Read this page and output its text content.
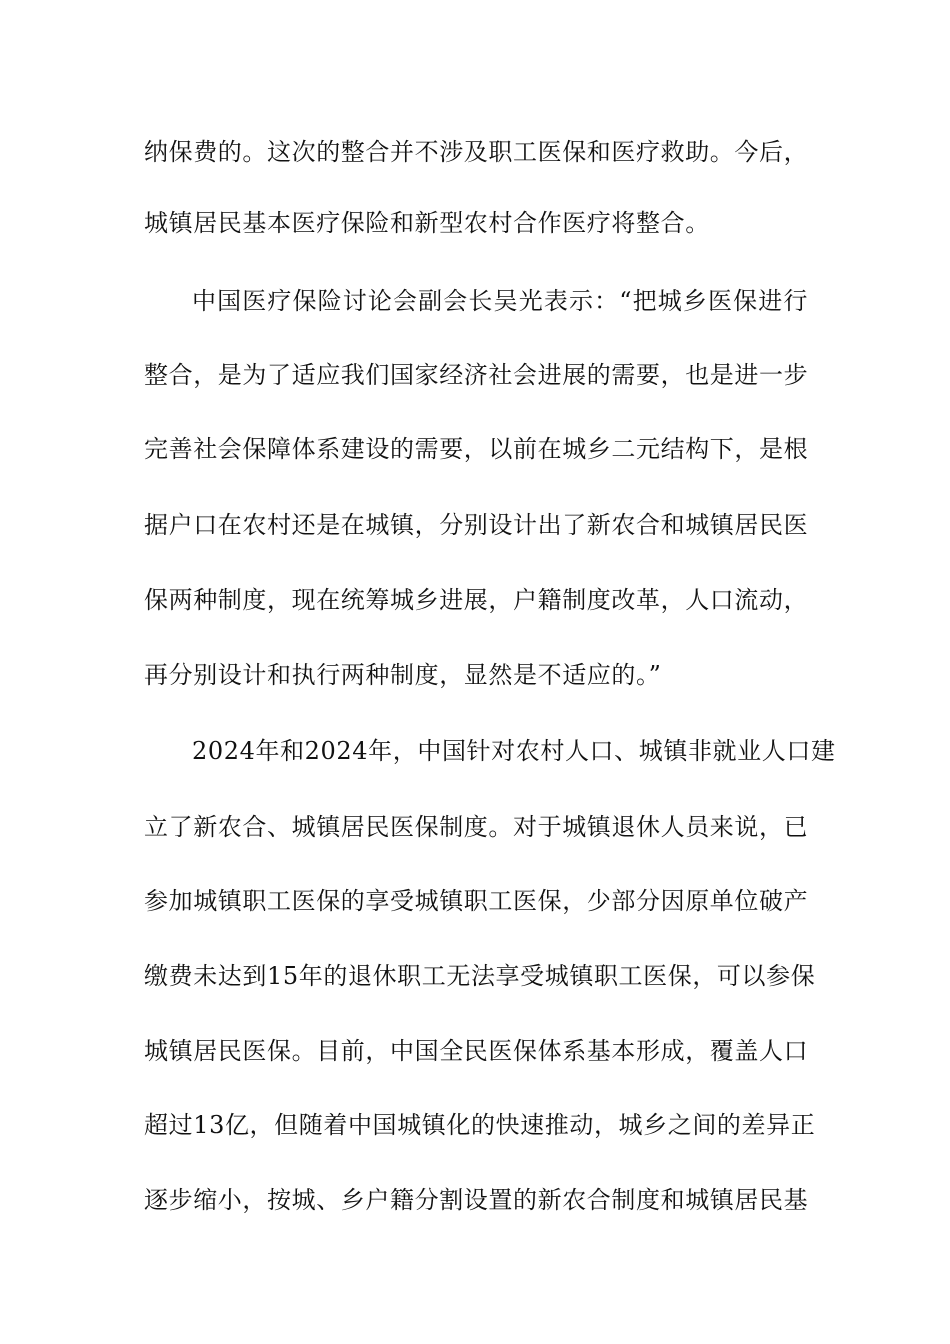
纳保费的。这次的整合并不涉及职工医保和医疗救助。今后，
城镇居民基本医疗保险和新型农村合作医疗将整合。
中国医疗保险讨论会副会长吴光表示：“把城乡医保进行
整合，是为了适应我们国家经济社会进展的需要，也是进一步
完善社会保障体系建设的需要，以前在城乡二元结构下，是根
据户口在农村还是在城镇，分别设计出了新农合和城镇居民医
保两种制度，现在统筹城乡进展，户籍制度改革，人口流动，
再分别设计和执行两种制度，显然是不适应的。”
2024年和2024年，中国针对农村人口、城镇非就业人口建
立了新农合、城镇居民医保制度。对于城镇退休人员来说，已
参加城镇职工医保的享受城镇职工医保，少部分因原单位破产
缴费未达到15年的退休职工无法享受城镇职工医保，可以参保
城镇居民医保。目前，中国全民医保体系基本形成，覆盖人口
超过13亿，但随着中国城镇化的快速推动，城乡之间的差异正
逐步缩小，按城、乡户籍分割设置的新农合制度和城镇居民基
